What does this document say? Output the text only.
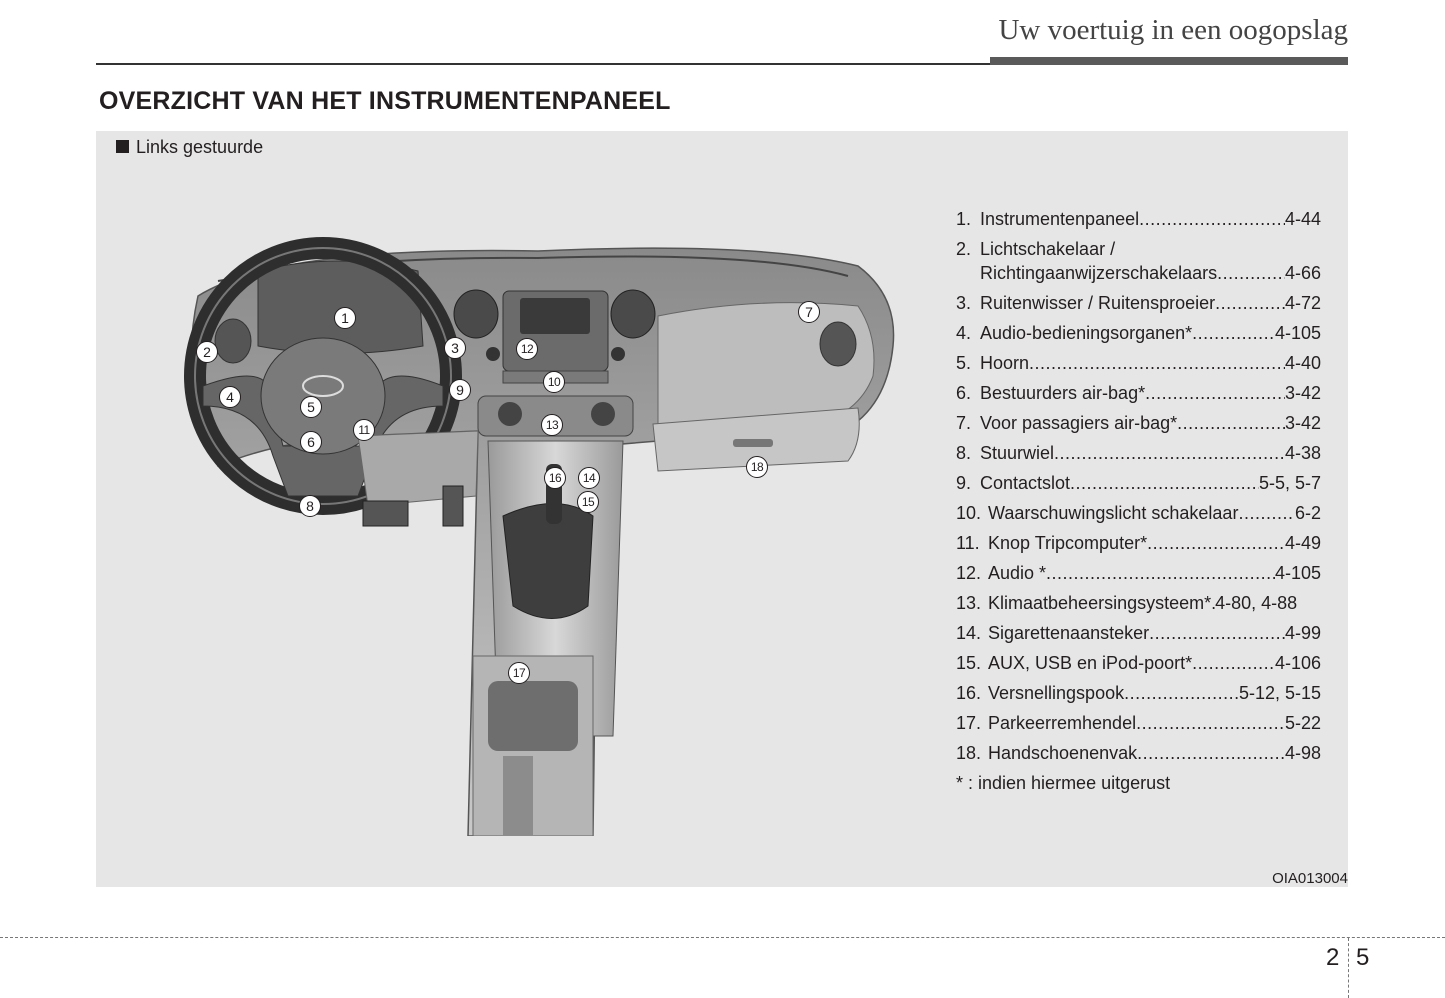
Uw voertuig in een oogopslag
OVERZICHT VAN HET INSTRUMENTENPANEEL
Links gestuurde
1
2	3
4
5
6
7
8
9	10
11
12
13
14
15
16
17
18
1. Instrumentenpaneel .....	4-44
2. Lichtschakelaar /
Richtingaanwijzerschakelaars .....	4-66
3. Ruitenwisser / Ruitensproeier .....	4-72
4. Audio-bedieningsorganen* .....	4-105
5. Hoorn .....	4-40
6. Bestuurders air-bag* .....	3-42
7. Voor passagiers air-bag* .....	3-42
8. Stuurwiel .....	4-38
9. Contactslot .....	5-5, 5-7
10. Waarschuwingslicht schakelaar .....	6-2
11. Knop Tripcomputer* .....	4-49
12. Audio * .....	4-105
13. Klimaatbeheersingsysteem* ..... 4-80, 4-88
14. Sigarettenaansteker .....	4-99
15. AUX, USB en iPod-poort* .....	4-106
16. Versnellingspook .....	5-12, 5-15
17. Parkeerremhendel .....	5-22
18. Handschoenenvak .....	4-98
* : indien hiermee uitgerust
OIA013004
2 5
